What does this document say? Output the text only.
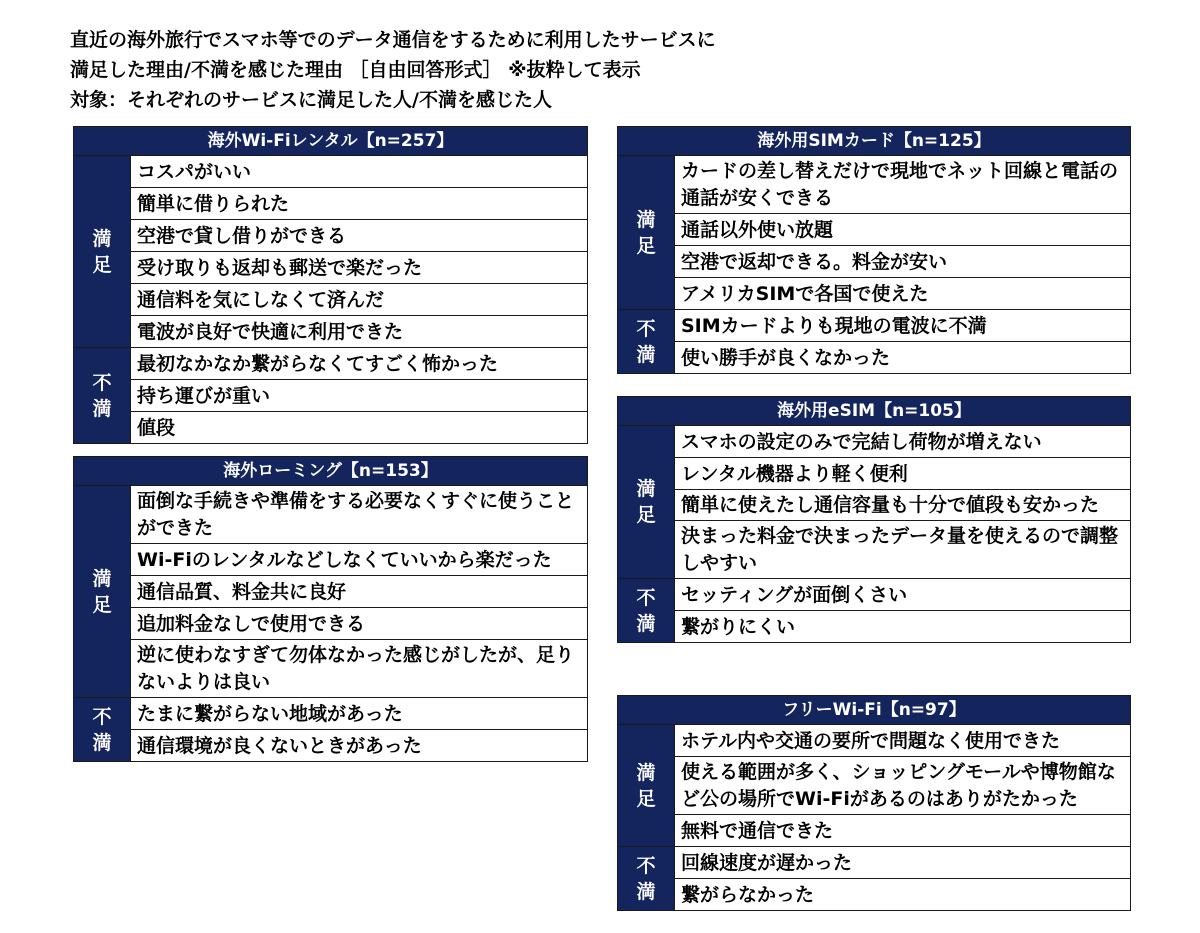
直近の海外旅行でスマホ等でのデータ通信をするために利用したサービスに
満足した理由/不満を感じた理由 ［自由回答形式］ ※抜粋して表示
対象：それぞれのサービスに満足した人/不満を感じた人
海外Wi-Fiレンタル【n=257】
満足
コスパがいい
簡単に借りられた
空港で貸し借りができる
受け取りも返却も郵送で楽だった
通信料を気にしなくて済んだ
電波が良好で快適に利用できた
不満
最初なかなか繋がらなくてすごく怖かった
持ち運びが重い
値段
海外ローミング【n=153】
満足
面倒な手続きや準備をする必要なくすぐに使うことができた
Wi-Fiのレンタルなどしなくていいから楽だった
通信品質、料金共に良好
追加料金なしで使用できる
逆に使わなすぎて勿体なかった感じがしたが、足りないよりは良い
不満
たまに繋がらない地域があった
通信環境が良くないときがあった
海外用SIMカード【n=125】
満足
カードの差し替えだけで現地でネット回線と電話の通話が安くできる
通話以外使い放題
空港で返却できる。料金が安い
アメリカSIMで各国で使えた
不満
SIMカードよりも現地の電波に不満
使い勝手が良くなかった
海外用eSIM【n=105】
満足
スマホの設定のみで完結し荷物が増えない
レンタル機器より軽く便利
簡単に使えたし通信容量も十分で値段も安かった
決まった料金で決まったデータ量を使えるので調整しやすい
不満
セッティングが面倒くさい
繋がりにくい
フリーWi-Fi【n=97】
満足
ホテル内や交通の要所で問題なく使用できた
使える範囲が多く、ショッピングモールや博物館など公の場所でWi-Fiがあるのはありがたかった
無料で通信できた
不満
回線速度が遅かった
繋がらなかった
